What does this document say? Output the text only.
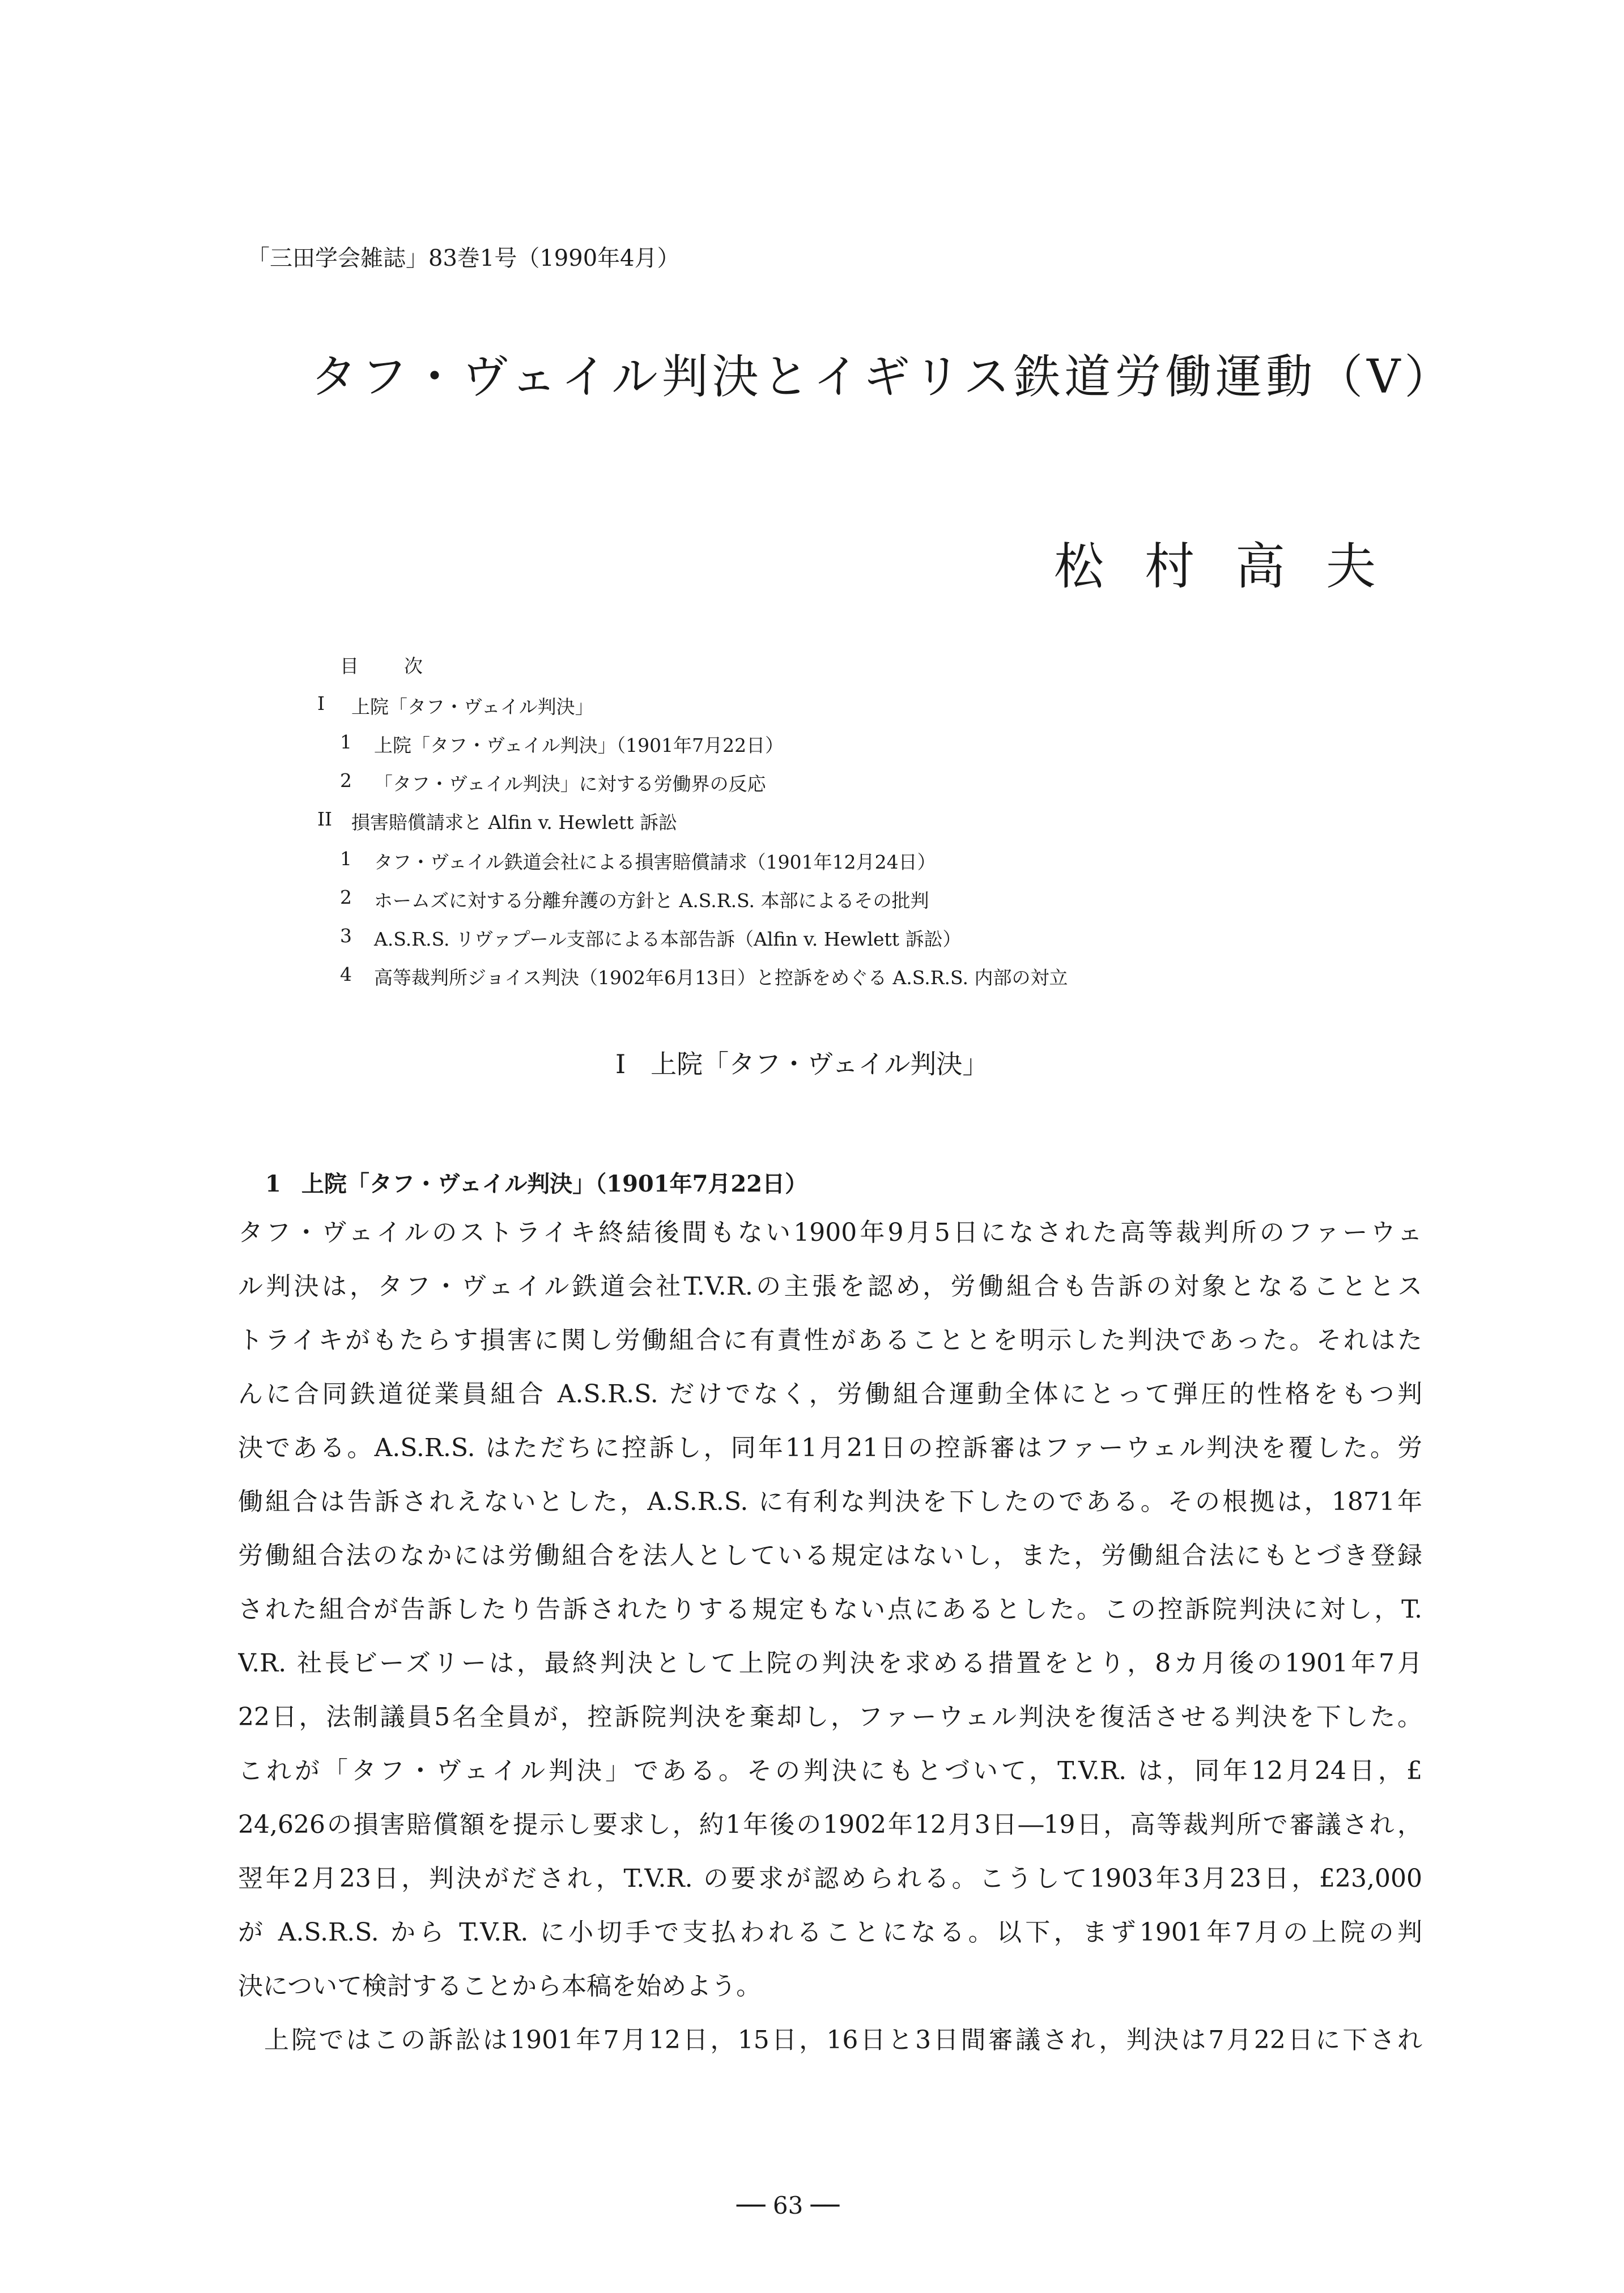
「三田学会雑誌」83巻1号（1990年4月）
タフ・ヴェイル判決とイギリス鉄道労働運動（V）
松村高夫
目次
I 上院「タフ・ヴェイル判決」
1 上院「タフ・ヴェイル判決」（1901年7月22日）
2 「タフ・ヴェイル判決」に対する労働界の反応
II 損害賠償請求と Alfin v. Hewlett 訴訟
1 タフ・ヴェイル鉄道会社による損害賠償請求（1901年12月24日）
2 ホームズに対する分離弁護の方針と A.S.R.S. 本部によるその批判
3 A.S.R.S. リヴァプール支部による本部告訴（Alfin v. Hewlett 訴訟）
4 高等裁判所ジョイス判決（1902年6月13日）と控訴をめぐる A.S.R.S. 内部の対立
I 上院「タフ・ヴェイル判決」
1 上院「タフ・ヴェイル判決」（1901年7月22日）
タフ・ヴェイルのストライキ終結後間もない1900年9月5日になされた高等裁判所のファーウェ
ル判決は，タフ・ヴェイル鉄道会社T.V.R.の主張を認め，労働組合も告訴の対象となることとス
トライキがもたらす損害に関し労働組合に有責性があることとを明示した判決であった。それはた
んに合同鉄道従業員組合 A.S.R.S. だけでなく，労働組合運動全体にとって弾圧的性格をもつ判
決である。A.S.R.S. はただちに控訴し，同年11月21日の控訴審はファーウェル判決を覆した。労
働組合は告訴されえないとした，A.S.R.S. に有利な判決を下したのである。その根拠は，1871年
労働組合法のなかには労働組合を法人としている規定はないし，また，労働組合法にもとづき登録
された組合が告訴したり告訴されたりする規定もない点にあるとした。この控訴院判決に対し，T.
V.R. 社長ビーズリーは，最終判決として上院の判決を求める措置をとり，8カ月後の1901年7月
22日，法制議員5名全員が，控訴院判決を棄却し，ファーウェル判決を復活させる判決を下した。
これが「タフ・ヴェイル判決」である。その判決にもとづいて，T.V.R. は，同年12月24日，£
24,626の損害賠償額を提示し要求し，約1年後の1902年12月3日―19日，高等裁判所で審議され，
翌年2月23日，判決がだされ，T.V.R. の要求が認められる。こうして1903年3月23日，£23,000
が A.S.R.S. から T.V.R. に小切手で支払われることになる。以下，まず1901年7月の上院の判
決について検討することから本稿を始めよう。
上院ではこの訴訟は1901年7月12日，15日，16日と3日間審議され，判決は7月22日に下され
── 63 ──
